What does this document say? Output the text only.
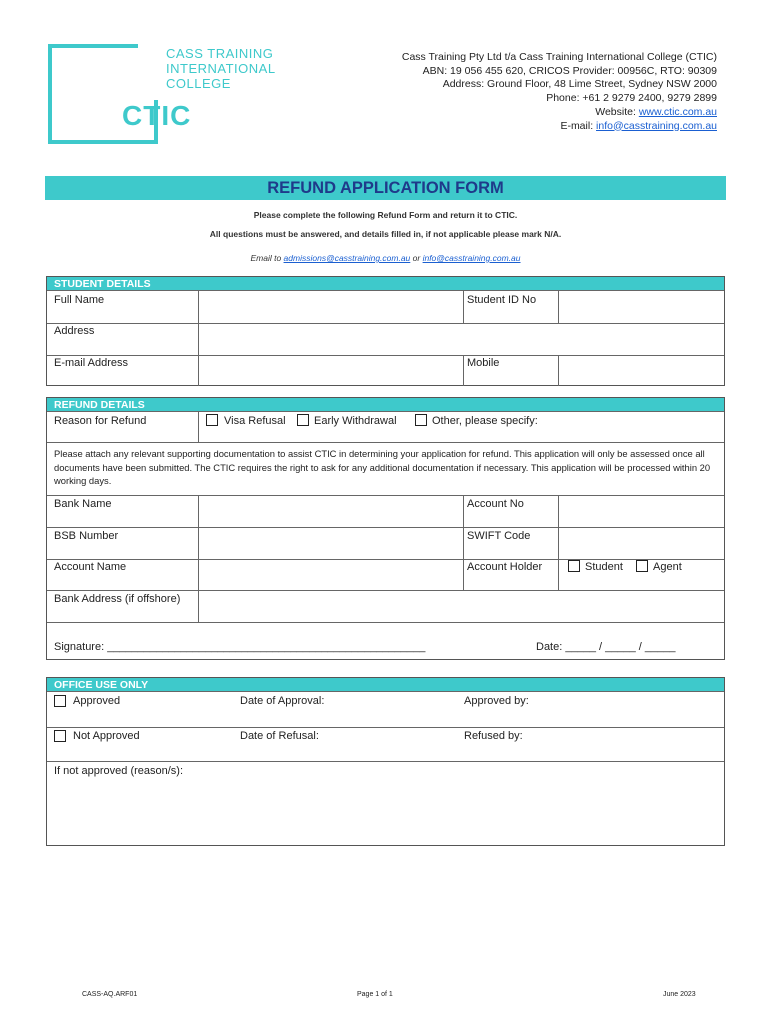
CASS TRAINING
INTERNATIONAL
COLLEGE
CTIC
Cass Training Pty Ltd t/a Cass Training International College (CTIC)
ABN: 19 056 455 620, CRICOS Provider: 00956C, RTO: 90309
Address: Ground Floor, 48 Lime Street, Sydney NSW 2000
Phone: +61 2 9279 2400, 9279 2899
Website: www.ctic.com.au
E-mail: info@casstraining.com.au
REFUND APPLICATION FORM
Please complete the following Refund Form and return it to CTIC.
All questions must be answered, and details filled in, if not applicable please mark N/A.
Email to admissions@casstraining.com.au or info@casstraining.com.au
STUDENT DETAILS
Full Name	Student ID No
Address
E-mail Address	Mobile
REFUND DETAILS
Reason for Refund	Visa Refusal	Early Withdrawal	Other, please specify:
Please attach any relevant supporting documentation to assist CTIC in determining your application for refund. This application will only be assessed once all documents have been submitted. The CTIC requires the right to ask for any additional documentation if necessary. This application will be processed within 20 working days.
Bank Name	Account No
BSB Number	SWIFT Code
Account Name	Account Holder	Student	Agent
Bank Address (if offshore)
Signature: ____________________________________________________	Date: _____ / _____ / _____
OFFICE USE ONLY
Approved	Date of Approval:	Approved by:
Not Approved	Date of Refusal:	Refused by:
If not approved (reason/s):
CASS-AQ.ARF01	Page 1 of 1	June 2023
